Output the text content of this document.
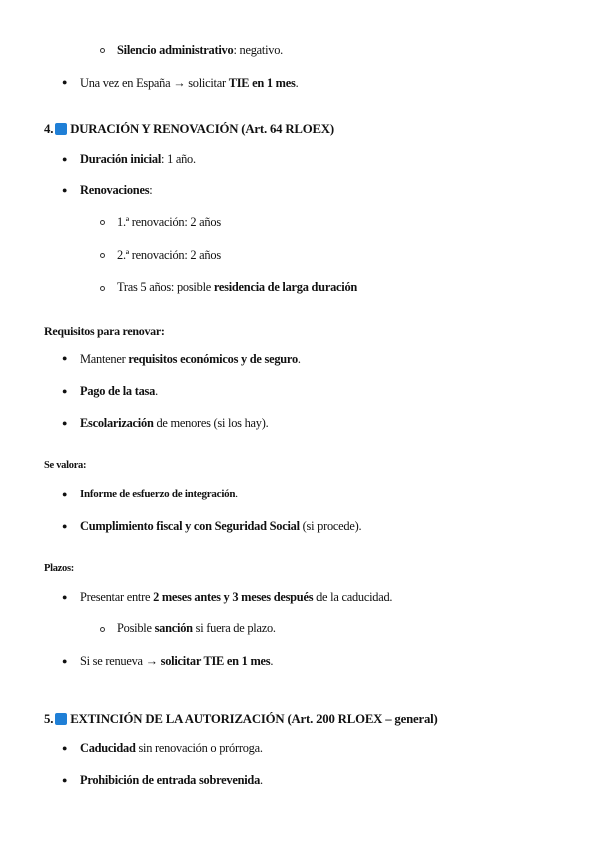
Silencio administrativo: negativo.
● Una vez en España → solicitar TIE en 1 mes.
4. DURACIÓN Y RENOVACIÓN (Art. 64 RLOEX)
● Duración inicial: 1 año.
● Renovaciones:
1.ª renovación: 2 años
2.ª renovación: 2 años
Tras 5 años: posible residencia de larga duración
Requisitos para renovar:
● Mantener requisitos económicos y de seguro.
● Pago de la tasa.
● Escolarización de menores (si los hay).
Se valora:
● Informe de esfuerzo de integración.
● Cumplimiento fiscal y con Seguridad Social (si procede).
Plazos:
● Presentar entre 2 meses antes y 3 meses después de la caducidad.
Posible sanción si fuera de plazo.
● Si se renueva → solicitar TIE en 1 mes.
5. EXTINCIÓN DE LA AUTORIZACIÓN (Art. 200 RLOEX – general)
● Caducidad sin renovación o prórroga.
● Prohibición de entrada sobrevenida.
